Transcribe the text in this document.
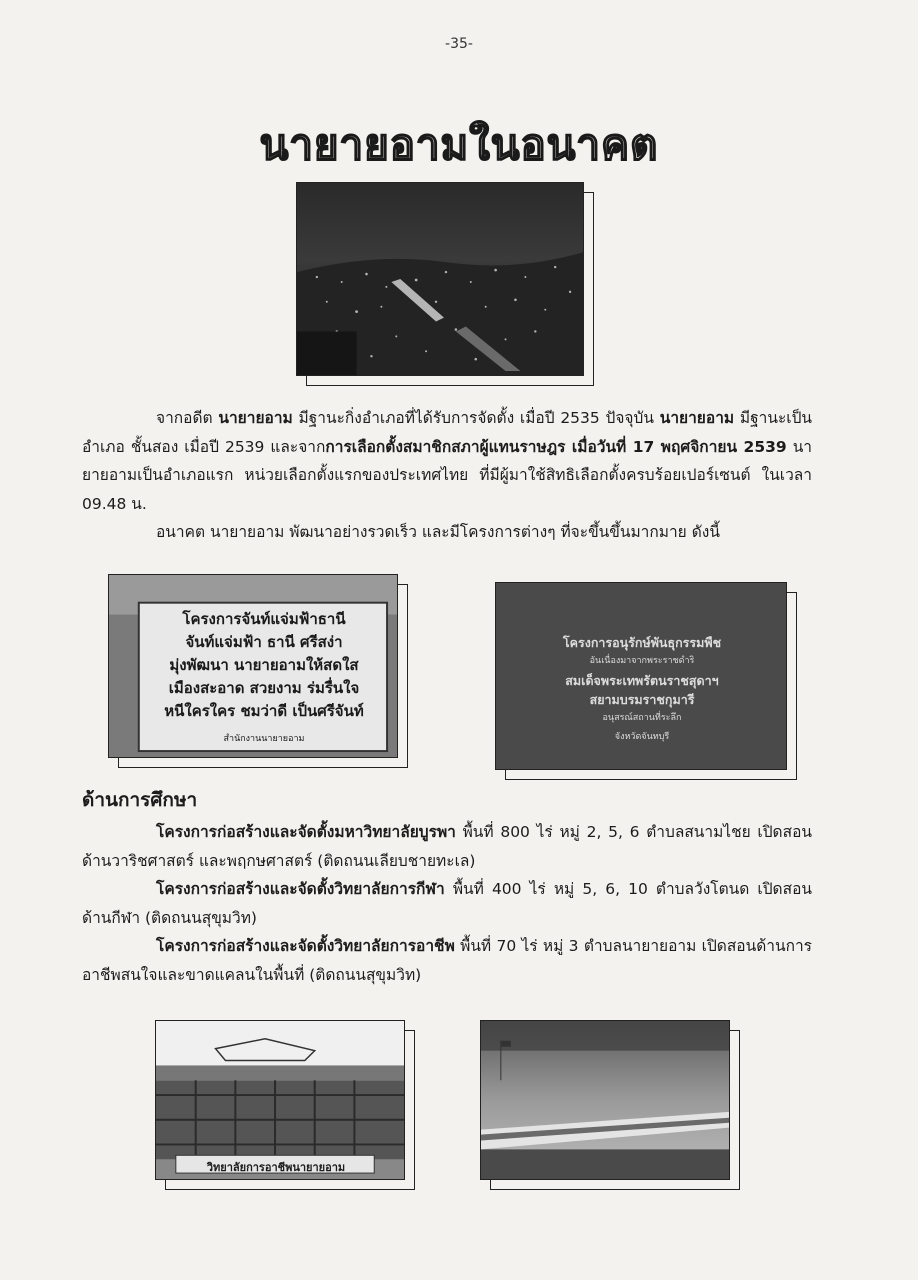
-35-
นายายอามในอนาคต

จากอดีต นายายอาม มีฐานะกิ่งอำเภอที่ได้รับการจัดตั้ง เมื่อปี 2535 ปัจจุบัน นายายอาม มีฐานะเป็นอำเภอ ชั้นสอง เมื่อปี 2539 และจากการเลือกตั้งสมาชิกสภาผู้แทนราษฎร เมื่อวันที่ 17 พฤศจิกายน 2539 นายายอามเป็นอำเภอแรก หน่วยเลือกตั้งแรกของประเทศไทย ที่มีผู้มาใช้สิทธิเลือกตั้งครบร้อยเปอร์เซนต์ ในเวลา 09.48 น.

อนาคต นายายอาม พัฒนาอย่างรวดเร็ว และมีโครงการต่างๆ ที่จะขึ้นขึ้นมากมาย ดังนี้

โครงการจันท์แจ่มฟ้าธานี
จันท์แจ่มฟ้า ธานี ศรีสง่า
มุ่งพัฒนา นายายอามให้สดใส
เมืองสะอาด สวยงาม ร่มรื่นใจ
หนีใครใคร ชมว่าดี เป็นศรีจันท์
สำนักงานนายายอาม
โครงการอนุรักษ์พันธุกรรมพืช
อันเนื่องมาจากพระราชดำริ
สมเด็จพระเทพรัตนราชสุดาฯ
สยามบรมราชกุมารี
อนุสรณ์สถานที่ระลึก
จังหวัดจันทบุรี
ด้านการศึกษา

โครงการก่อสร้างและจัดตั้งมหาวิทยาลัยบูรพา พื้นที่ 800 ไร่ หมู่ 2, 5, 6 ตำบลสนามไชย เปิดสอนด้านวาริชศาสตร์ และพฤกษศาสตร์ (ติดถนนเลียบชายทะเล)

โครงการก่อสร้างและจัดตั้งวิทยาลัยการกีฬา พื้นที่ 400 ไร่ หมู่ 5, 6, 10 ตำบลวังโตนด เปิดสอนด้านกีฬา (ติดถนนสุขุมวิท)

โครงการก่อสร้างและจัดตั้งวิทยาลัยการอาชีพ พื้นที่ 70 ไร่ หมู่ 3 ตำบลนายายอาม เปิดสอนด้านการอาชีพสนใจและขาดแคลนในพื้นที่ (ติดถนนสุขุมวิท)

วิทยาลัยการอาชีพนายายอาม
